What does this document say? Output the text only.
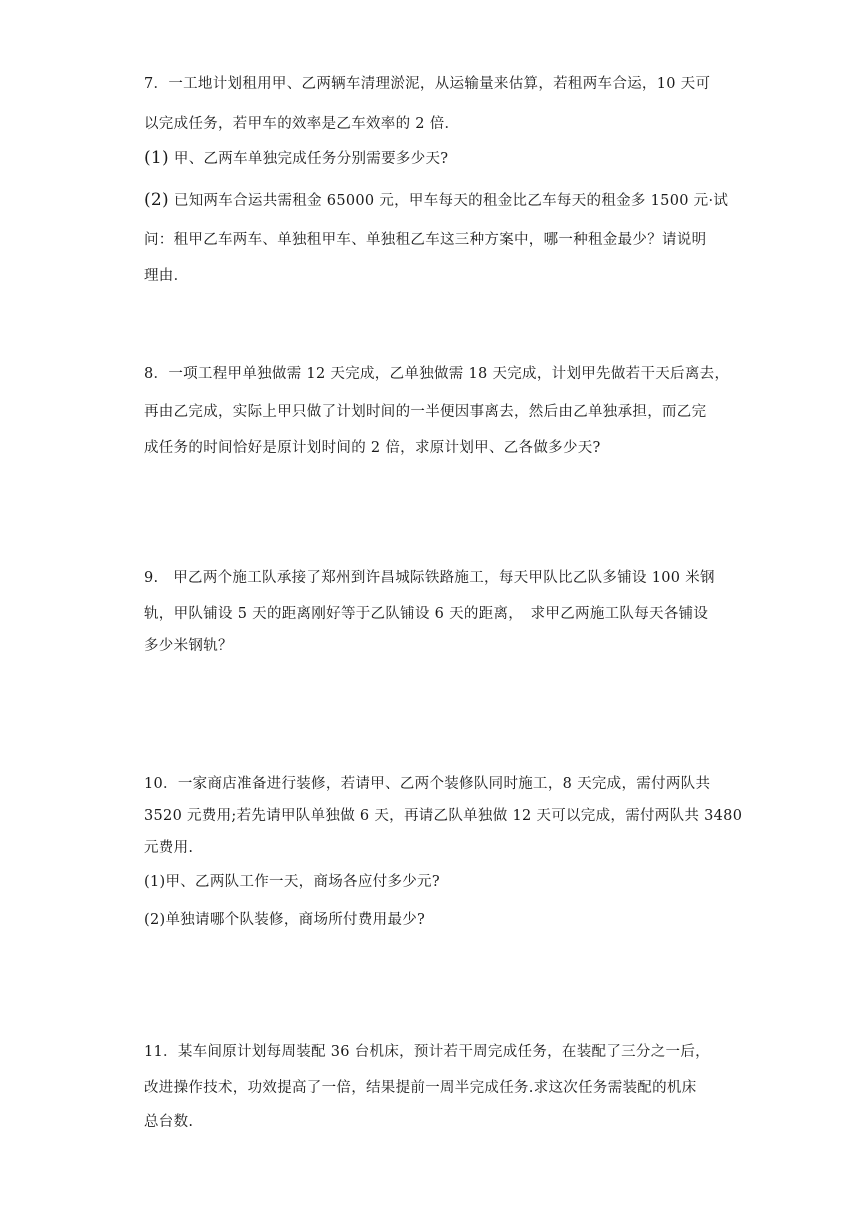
7．一工地计划租用甲、乙两辆车清理淤泥，从运输量来估算，若租两车合运，10 天可
以完成任务，若甲车的效率是乙车效率的 2 倍．
(1) 甲、乙两车单独完成任务分别需要多少天?
(2) 已知两车合运共需租金 65000 元，甲车每天的租金比乙车每天的租金多 1500 元·试
问：租甲乙车两车、单独租甲车、单独租乙车这三种方案中，哪一种租金最少？请说明
理由．
8．一项工程甲单独做需 12 天完成，乙单独做需 18 天完成，计划甲先做若干天后离去，
再由乙完成，实际上甲只做了计划时间的一半便因事离去，然后由乙单独承担，而乙完
成任务的时间恰好是原计划时间的 2 倍，求原计划甲、乙各做多少天?
9.　甲乙两个施工队承接了郑州到许昌城际铁路施工，每天甲队比乙队多铺设 100 米钢
轨，甲队铺设 5 天的距离刚好等于乙队铺设 6 天的距离，　求甲乙两施工队每天各铺设
多少米钢轨？
10．一家商店准备进行装修，若请甲、乙两个装修队同时施工，8 天完成，需付两队共
3520 元费用;若先请甲队单独做 6 天，再请乙队单独做 12 天可以完成，需付两队共 3480
元费用.
(1)甲、乙两队工作一天，商场各应付多少元?
(2)单独请哪个队装修，商场所付费用最少?
11．某车间原计划每周装配 36 台机床，预计若干周完成任务，在装配了三分之一后，
改进操作技术，功效提高了一倍，结果提前一周半完成任务.求这次任务需装配的机床
总台数.
